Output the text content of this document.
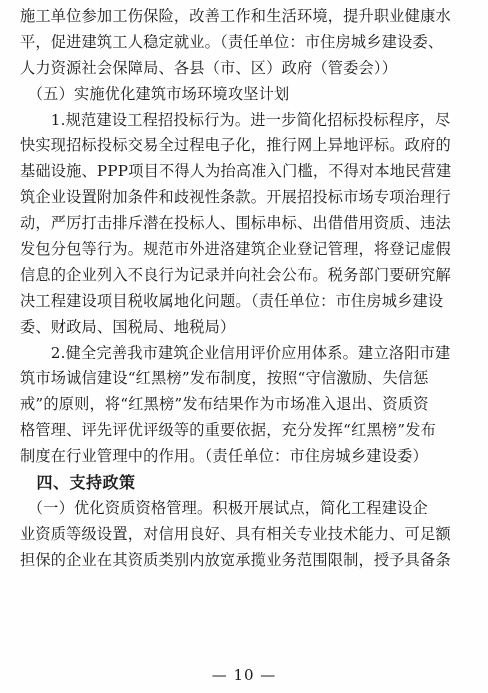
施工单位参加工伤保险，改善工作和生活环境，提升职业健康水
平，促进建筑工人稳定就业。（责任单位：市住房城乡建设委、
人力资源社会保障局、各县（市、区）政府（管委会））
　（五）实施优化建筑市场环境攻坚计划
　　1.规范建设工程招投标行为。进一步简化招标投标程序，尽
快实现招标投标交易全过程电子化，推行网上异地评标。政府的
基础设施、PPP项目不得人为抬高准入门槛，不得对本地民营建
筑企业设置附加条件和歧视性条款。开展招投标市场专项治理行
动，严厉打击排斥潜在投标人、围标串标、出借借用资质、违法
发包分包等行为。规范市外进洛建筑企业登记管理，将登记虚假
信息的企业列入不良行为记录并向社会公布。税务部门要研究解
决工程建设项目税收属地化问题。（责任单位：市住房城乡建设
委、财政局、国税局、地税局）
　　2.健全完善我市建筑企业信用评价应用体系。建立洛阳市建
筑市场诚信建设“红黑榜”发布制度，按照“守信激励、失信惩
戒”的原则，将“红黑榜”发布结果作为市场准入退出、资质资
格管理、评先评优评级等的重要依据，充分发挥“红黑榜”发布
制度在行业管理中的作用。（责任单位：市住房城乡建设委）
　四、支持政策
　（一）优化资质资格管理。积极开展试点，简化工程建设企
业资质等级设置，对信用良好、具有相关专业技术能力、可足额
担保的企业在其资质类别内放宽承揽业务范围限制，授予具备条
— 10 —
